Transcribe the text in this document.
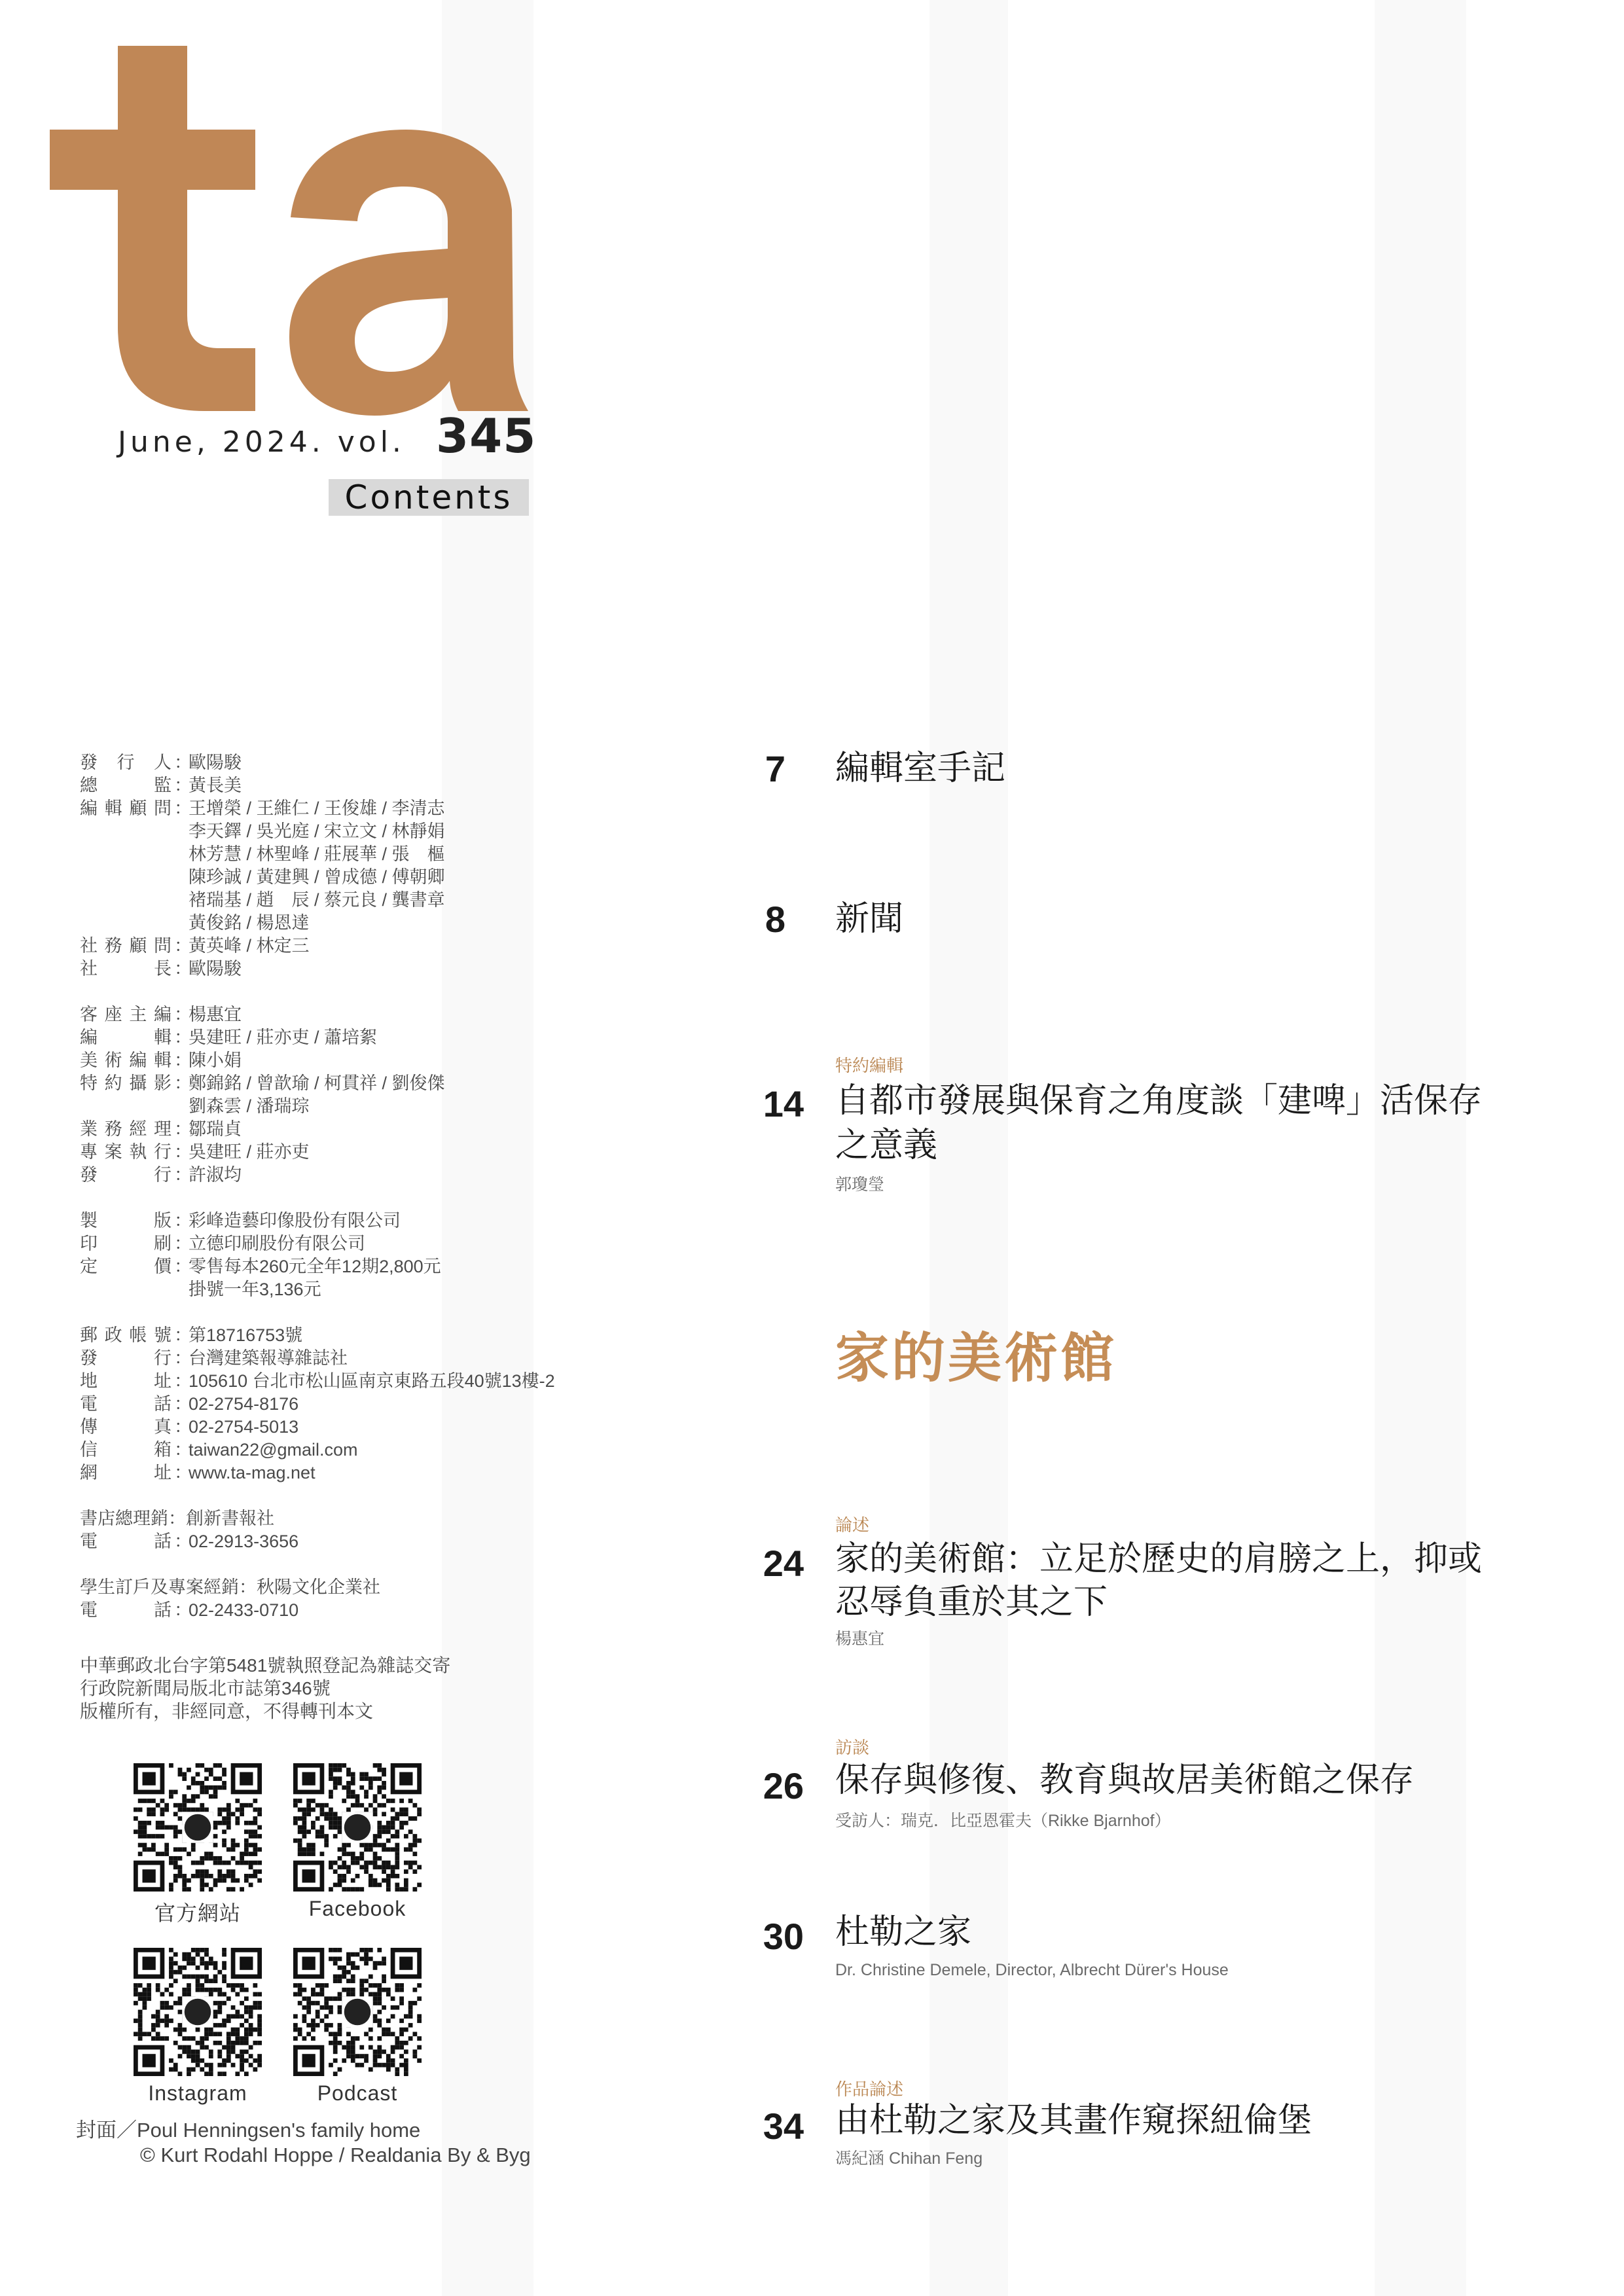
June, 2024. vol. 345
Contents
發行人 ：
歐陽駿
總監 ：
黃長美
編輯顧問 ：
王增榮 / 王維仁 / 王俊雄 / 李清志
李天鐸 / 吳光庭 / 宋立文 / 林靜娟
林芳慧 / 林聖峰 / 莊展華 / 張　樞
陳珍誠 / 黃建興 / 曾成德 / 傅朝卿
褚瑞基 / 趙　辰 / 蔡元良 / 龔書章
黃俊銘 / 楊恩達
社務顧問 ：
黃英峰 / 林定三
社長 ：
歐陽駿
客座主編 ：
楊惠宜
編輯 ：
吳建旺 / 莊亦吏 / 蕭培絮
美術編輯 ：
陳小娟
特約攝影 ：
鄭錦銘 / 曾歆瑜 / 柯貫祥 / 劉俊傑
劉森雲 / 潘瑞琮
業務經理 ：
鄒瑞貞
專案執行 ：
吳建旺 / 莊亦吏
發行 ：
許淑均
製版 ：
彩峰造藝印像股份有限公司
印刷 ：
立德印刷股份有限公司
定價 ：
零售每本260元全年12期2,800元
掛號一年3,136元
郵政帳號 ：
第18716753號
發行 ：
台灣建築報導雜誌社
地址 ：
105610 台北市松山區南京東路五段40號13樓-2
電話 ：
02-2754-8176
傳真 ：
02-2754-5013
信箱 ：
taiwan22@gmail.com
網址 ：
www.ta-mag.net
書店總理銷：創新書報社
電話 ：
02-2913-3656
學生訂戶及專案經銷：秋陽文化企業社
電話 ：
02-2433-0710
中華郵政北台字第5481號執照登記為雜誌交寄
行政院新聞局版北市誌第346號
版權所有，非經同意，不得轉刊本文
官方網站	Facebook
Instagram	Podcast
封面／Poul Henningsen's family home
© Kurt Rodahl Hoppe / Realdania By & Byg
7 編輯室手記
8 新聞
特約編輯
14 自都市發展與保育之角度談「建啤」活保存
之意義
郭瓊瑩
家的美術館
論述
24 家的美術館：立足於歷史的肩膀之上，抑或
忍辱負重於其之下
楊惠宜
訪談
26 保存與修復、教育與故居美術館之保存
受訪人：瑞克．比亞恩霍夫（Rikke Bjarnhof）
30 杜勒之家
Dr. Christine Demele, Director, Albrecht Dürer's House
作品論述
34 由杜勒之家及其畫作窺探紐倫堡
馮紀涵 Chihan Feng
